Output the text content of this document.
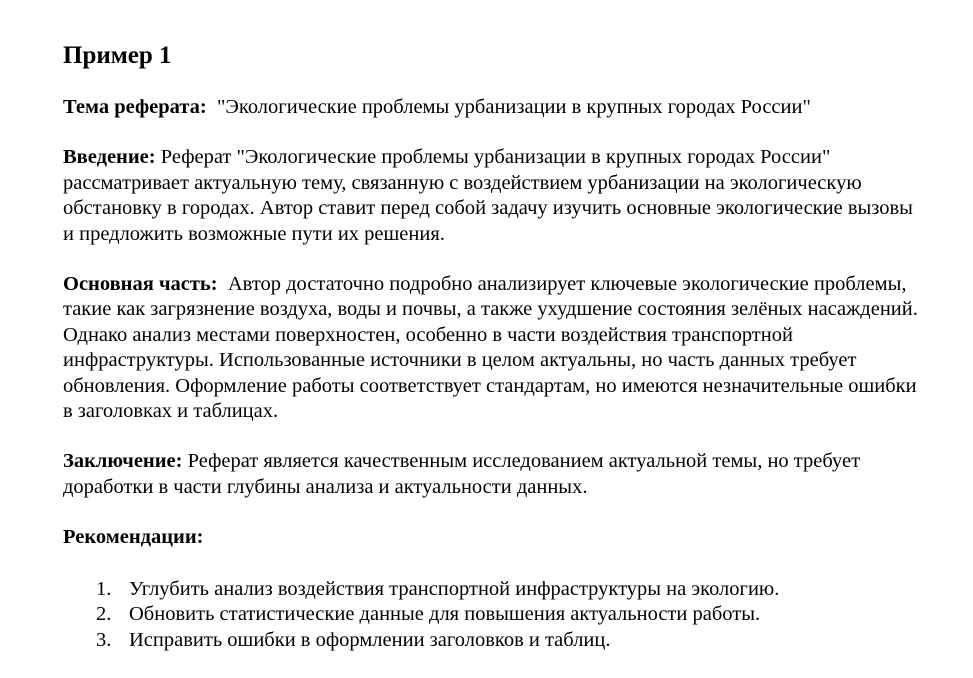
Пример 1
Тема реферата: "Экологические проблемы урбанизации в крупных городах России"
Введение: Реферат "Экологические проблемы урбанизации в крупных городах России" рассматривает актуальную тему, связанную с воздействием урбанизации на экологическую обстановку в городах. Автор ставит перед собой задачу изучить основные экологические вызовы и предложить возможные пути их решения.
Основная часть: Автор достаточно подробно анализирует ключевые экологические проблемы, такие как загрязнение воздуха, воды и почвы, а также ухудшение состояния зелёных насаждений. Однако анализ местами поверхностен, особенно в части воздействия транспортной инфраструктуры. Использованные источники в целом актуальны, но часть данных требует обновления. Оформление работы соответствует стандартам, но имеются незначительные ошибки в заголовках и таблицах.
Заключение: Реферат является качественным исследованием актуальной темы, но требует доработки в части глубины анализа и актуальности данных.
Рекомендации:
1. Углубить анализ воздействия транспортной инфраструктуры на экологию.
2. Обновить статистические данные для повышения актуальности работы.
3. Исправить ошибки в оформлении заголовков и таблиц.
